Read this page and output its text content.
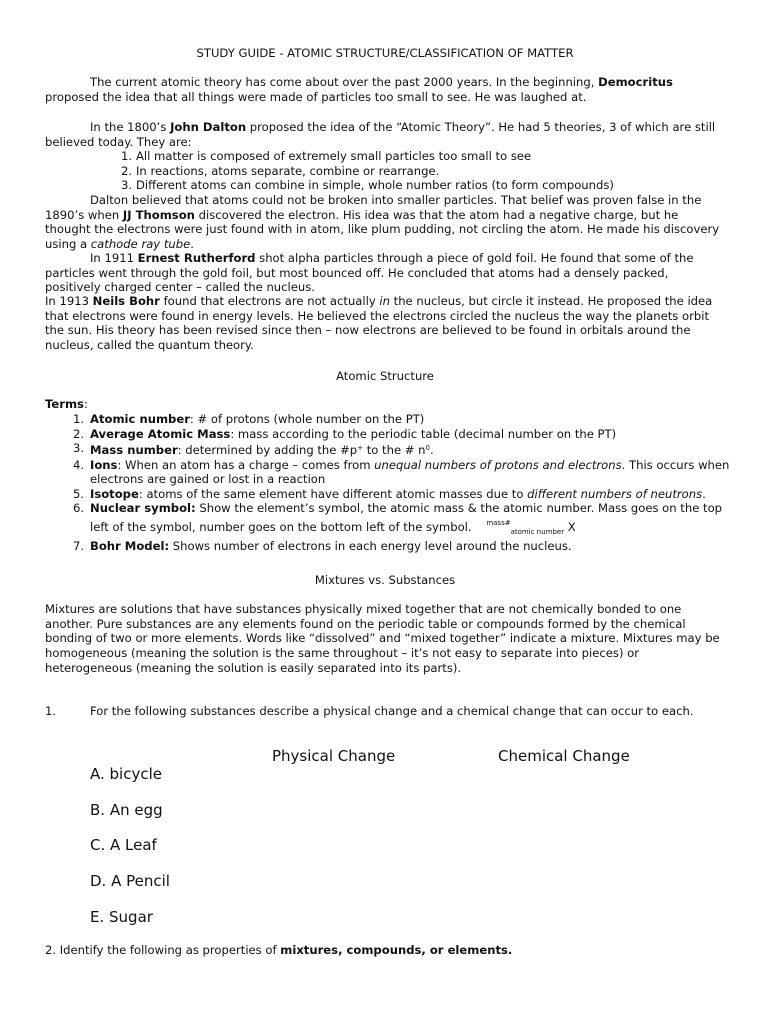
STUDY GUIDE - ATOMIC STRUCTURE/CLASSIFICATION OF MATTER

The current atomic theory has come about over the past 2000 years. In the beginning, Democritus proposed the idea that all things were made of particles too small to see. He was laughed at.

In the 1800’s John Dalton proposed the idea of the “Atomic Theory”. He had 5 theories, 3 of which are still believed today. They are:

1. All matter is composed of extremely small particles too small to see
2. In reactions, atoms separate, combine or rearrange.
3. Different atoms can combine in simple, whole number ratios (to form compounds)

Dalton believed that atoms could not be broken into smaller particles. That belief was proven false in the 1890’s when JJ Thomson discovered the electron. His idea was that the atom had a negative charge, but he thought the electrons were just found with in atom, like plum pudding, not circling the atom. He made his discovery using a cathode ray tube.

In 1911 Ernest Rutherford shot alpha particles through a piece of gold foil. He found that some of the particles went through the gold foil, but most bounced off. He concluded that atoms had a densely packed, positively charged center – called the nucleus.

In 1913 Neils Bohr found that electrons are not actually in the nucleus, but circle it instead. He proposed the idea that electrons were found in energy levels. He believed the electrons circled the nucleus the way the planets orbit the sun. His theory has been revised since then – now electrons are believed to be found in orbitals around the nucleus, called the quantum theory.

Atomic Structure
Terms:
1. Atomic number: # of protons (whole number on the PT)
2. Average Atomic Mass: mass according to the periodic table (decimal number on the PT)
3. Mass number: determined by adding the #p+ to the # $n^0$.
4. Ions: When an atom has a charge – comes from unequal numbers of protons and electrons. This occurs when electrons are gained or lost in a reaction
5. Isotope: atoms of the same element have different atomic masses due to different numbers of neutrons.
6. Nuclear symbol: Show the element’s symbol, the atomic mass & the atomic number. Mass goes on the top left of the symbol, number goes on the bottom left of the symbol. $^{mass\#}_{atomic number}$ X
7. Bohr Model: Shows number of electrons in each energy level around the nucleus.
Mixtures vs. Substances

Mixtures are solutions that have substances physically mixed together that are not chemically bonded to one another. Pure substances are any elements found on the periodic table or compounds formed by the chemical bonding of two or more elements. Words like “dissolved” and “mixed together” indicate a mixture. Mixtures may be homogeneous (meaning the solution is the same throughout – it’s not easy to separate into pieces) or heterogeneous (meaning the solution is easily separated into its parts).

1.	For the following substances describe a physical change and a chemical change that can occur to each.
Physical Change	Chemical Change
A. bicycle
B. An egg
C. A Leaf
D. A Pencil
E. Sugar
2. Identify the following as properties of mixtures, compounds, or elements.
